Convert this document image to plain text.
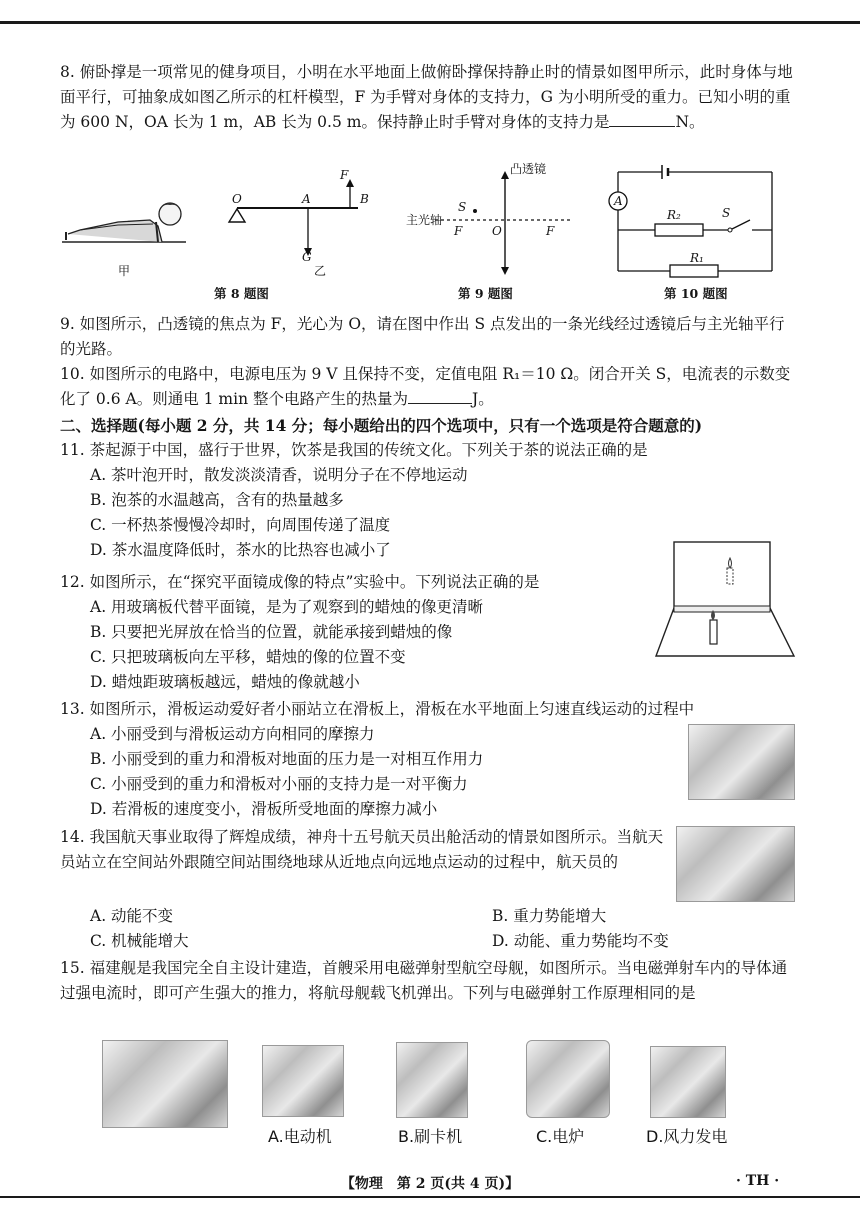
8. 俯卧撑是一项常见的健身项目，小明在水平地面上做俯卧撑保持静止时的情景如图甲所示，此时身体与地面平行，可抽象成如图乙所示的杠杆模型，F 为手臂对身体的支持力，G 为小明所受的重力。已知小明的重为 600 N，OA 长为 1 m，AB 长为 0.5 m。保持静止时手臂对身体的支持力是	N。
甲
O	A	B
F
G
乙
第 8 题图
凸透镜
主光轴
S
F O	F
第 9 题图
A
R₂	S
R₁
第 10 题图
9. 如图所示，凸透镜的焦点为 F，光心为 O，请在图中作出 S 点发出的一条光线经过透镜后与主光轴平行的光路。
10. 如图所示的电路中，电源电压为 9 V 且保持不变，定值电阻 R₁＝10 Ω。闭合开关 S，电流表的示数变化了 0.6 A。则通电 1 min 整个电路产生的热量为	J。
二、选择题(每小题 2 分，共 14 分；每小题给出的四个选项中，只有一个选项是符合题意的)
11. 茶起源于中国，盛行于世界，饮茶是我国的传统文化。下列关于茶的说法正确的是
A. 茶叶泡开时，散发淡淡清香，说明分子在不停地运动
B. 泡茶的水温越高，含有的热量越多
C. 一杯热茶慢慢冷却时，向周围传递了温度
D. 茶水温度降低时，茶水的比热容也减小了
12. 如图所示，在“探究平面镜成像的特点”实验中。下列说法正确的是
A. 用玻璃板代替平面镜，是为了观察到的蜡烛的像更清晰
B. 只要把光屏放在恰当的位置，就能承接到蜡烛的像
C. 只把玻璃板向左平移，蜡烛的像的位置不变
D. 蜡烛距玻璃板越远，蜡烛的像就越小
13. 如图所示，滑板运动爱好者小丽站立在滑板上，滑板在水平地面上匀速直线运动的过程中
A. 小丽受到与滑板运动方向相同的摩擦力
B. 小丽受到的重力和滑板对地面的压力是一对相互作用力
C. 小丽受到的重力和滑板对小丽的支持力是一对平衡力
D. 若滑板的速度变小，滑板所受地面的摩擦力减小
14. 我国航天事业取得了辉煌成绩，神舟十五号航天员出舱活动的情景如图所示。当航天员站立在空间站外跟随空间站围绕地球从近地点向远地点运动的过程中，航天员的
A. 动能不变	B. 重力势能增大
C. 机械能增大	D. 动能、重力势能均不变
15. 福建舰是我国完全自主设计建造，首艘采用电磁弹射型航空母舰，如图所示。当电磁弹射车内的导体通过强电流时，即可产生强大的推力，将航母舰载飞机弹出。下列与电磁弹射工作原理相同的是
A.电动机	B.刷卡机	C.电炉	D.风力发电
【物理　第 2 页(共 4 页)】	· TH ·
